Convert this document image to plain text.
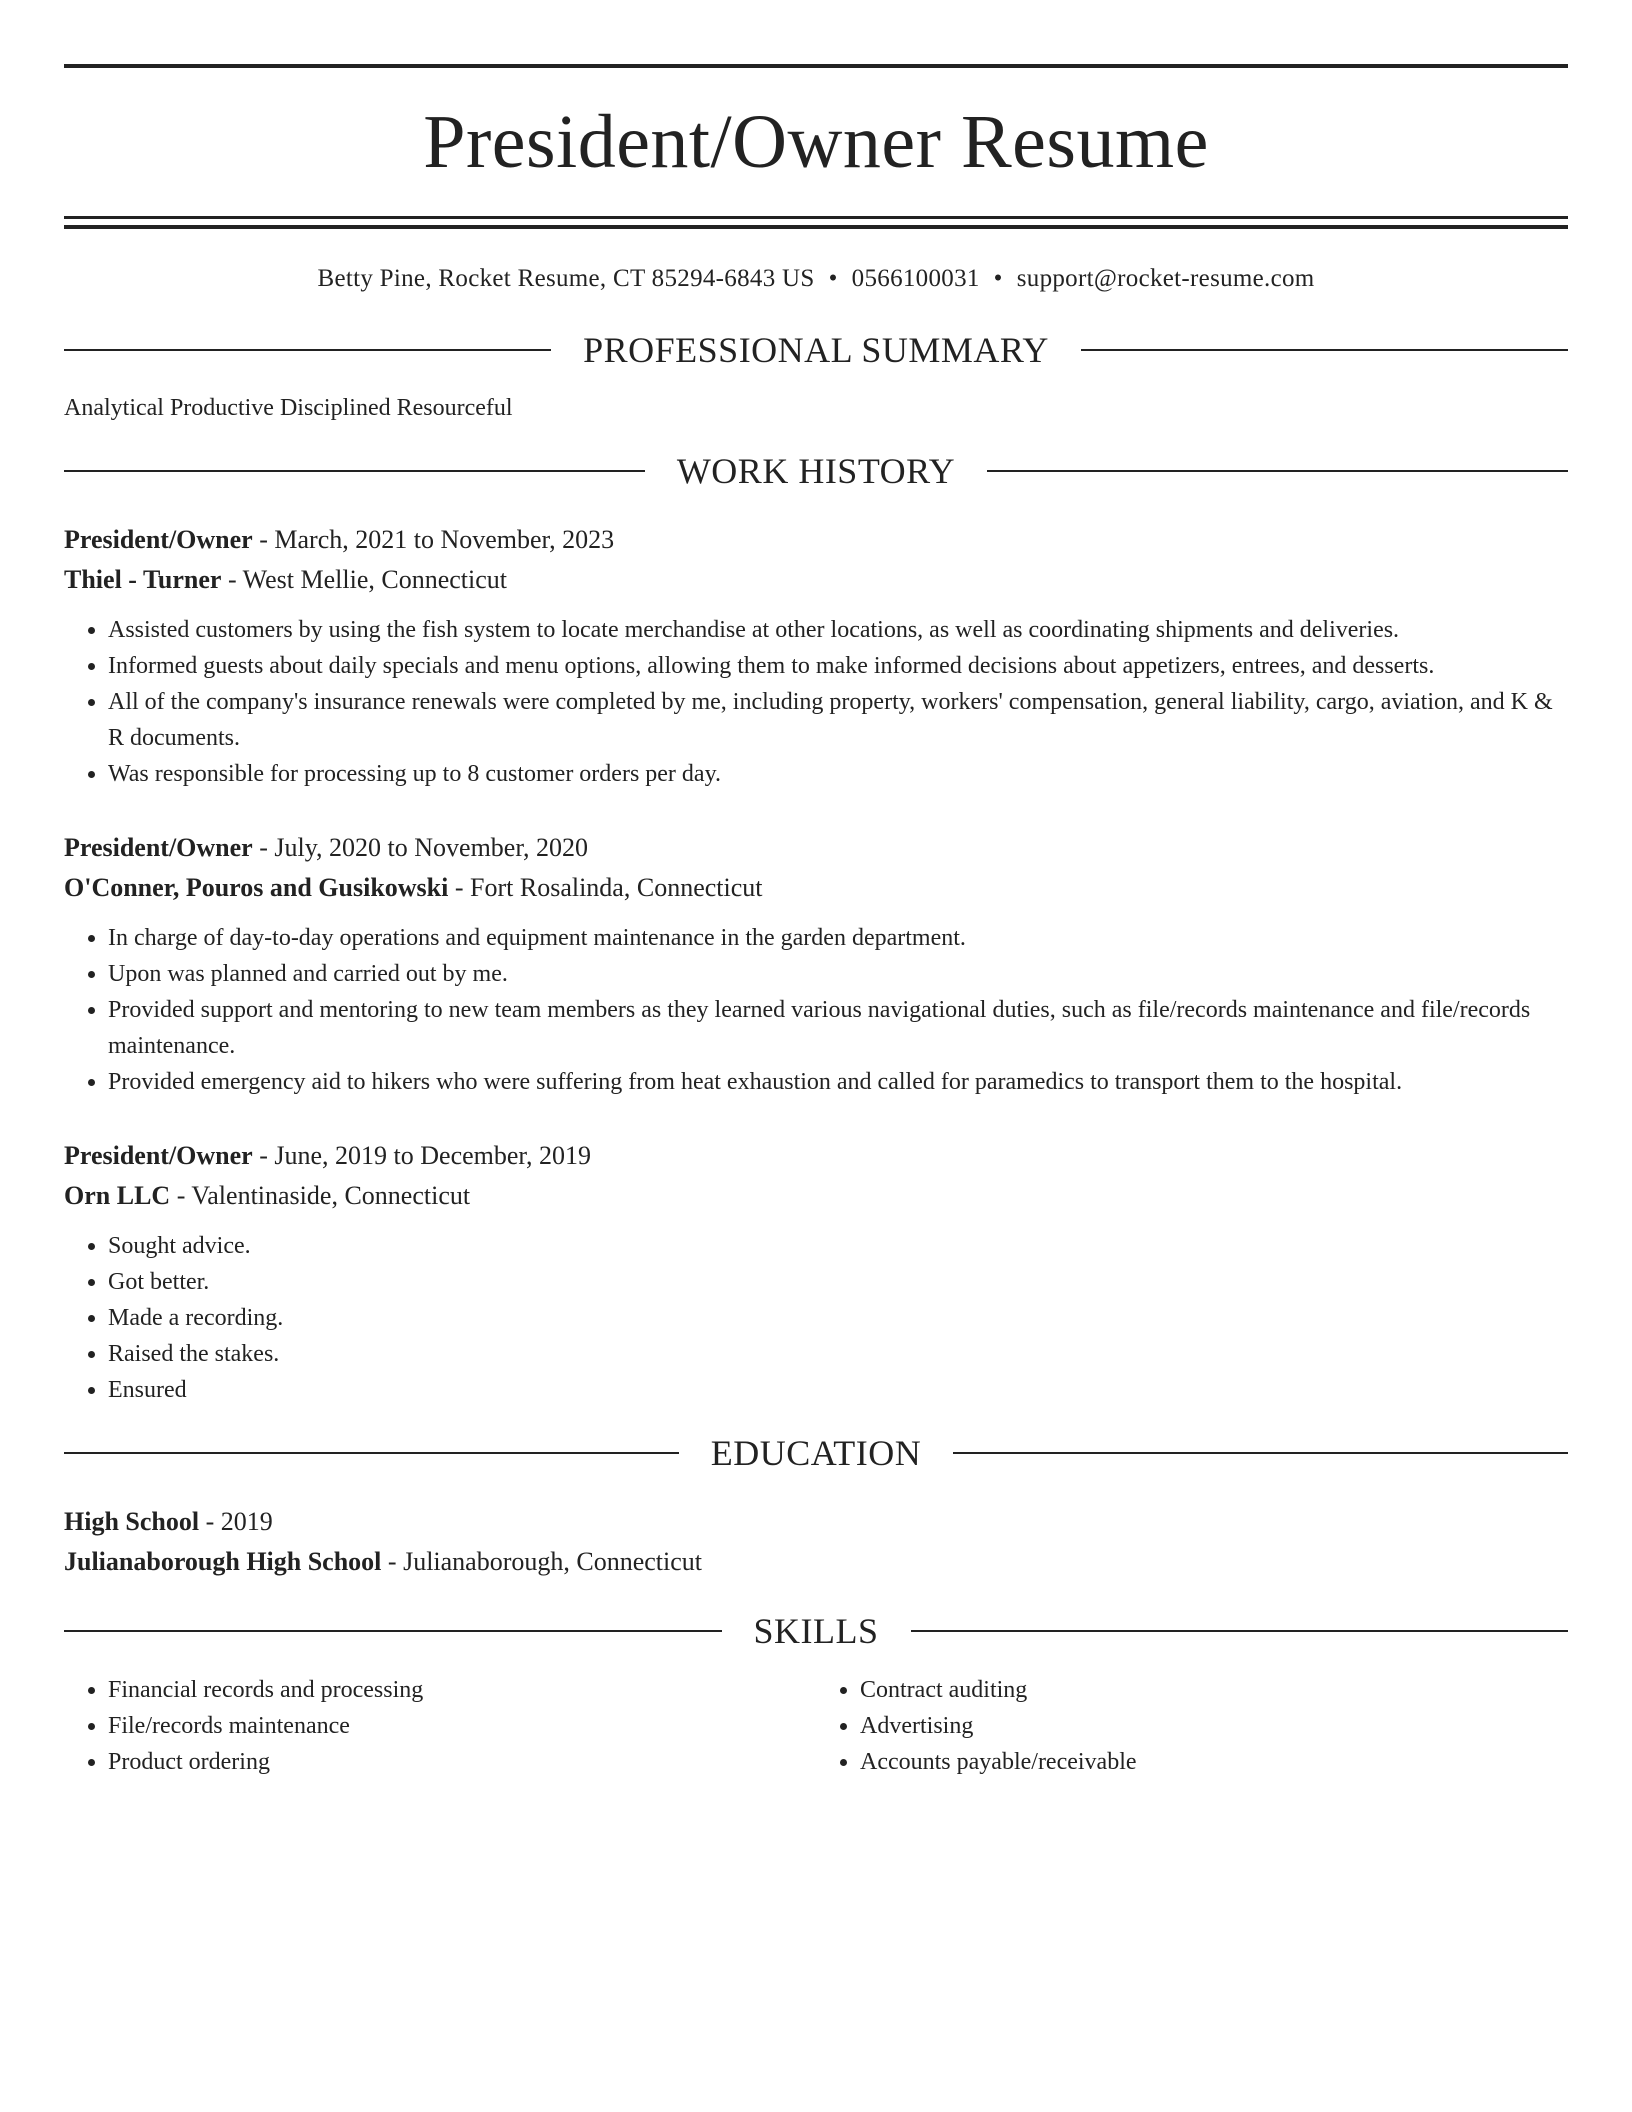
President/Owner Resume
Betty Pine, Rocket Resume, CT 85294-6843 US • 0566100031 • support@rocket-resume.com
PROFESSIONAL SUMMARY
Analytical Productive Disciplined Resourceful
WORK HISTORY
President/Owner - March, 2021 to November, 2023
Thiel - Turner - West Mellie, Connecticut
• Assisted customers by using the fish system to locate merchandise at other locations, as well as coordinating shipments and deliveries.
• Informed guests about daily specials and menu options, allowing them to make informed decisions about appetizers, entrees, and desserts.
• All of the company's insurance renewals were completed by me, including property, workers' compensation, general liability, cargo, aviation, and K & R documents.
• Was responsible for processing up to 8 customer orders per day.
President/Owner - July, 2020 to November, 2020
O'Conner, Pouros and Gusikowski - Fort Rosalinda, Connecticut
• In charge of day-to-day operations and equipment maintenance in the garden department.
• Upon was planned and carried out by me.
• Provided support and mentoring to new team members as they learned various navigational duties, such as file/records maintenance and file/records maintenance.
• Provided emergency aid to hikers who were suffering from heat exhaustion and called for paramedics to transport them to the hospital.
President/Owner - June, 2019 to December, 2019
Orn LLC - Valentinaside, Connecticut
• Sought advice.
• Got better.
• Made a recording.
• Raised the stakes.
• Ensured
EDUCATION
High School - 2019
Julianaborough High School - Julianaborough, Connecticut
SKILLS
• Financial records and processing
• File/records maintenance
• Product ordering
• Contract auditing
• Advertising
• Accounts payable/receivable
